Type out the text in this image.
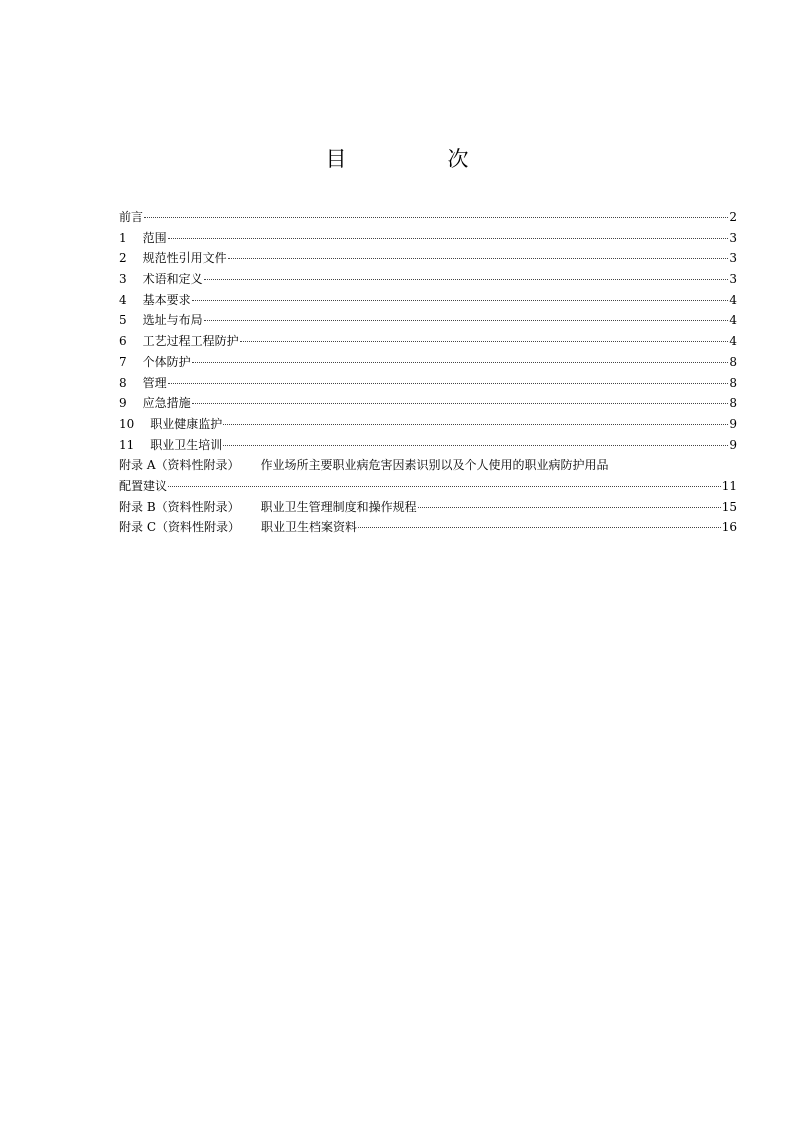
目　次
前言	2
1 范围	3
2 规范性引用文件	3
3 术语和定义	3
4 基本要求	4
5 选址与布局	4
6 工艺过程工程防护	4
7 个体防护	8
8 管理	8
9 应急措施	8
10 职业健康监护	9
11 职业卫生培训	9
附录 A（资料性附录） 作业场所主要职业病危害因素识别以及个人使用的职业病防护用品
配置建议	11
附录 B（资料性附录） 职业卫生管理制度和操作规程	15
附录 C（资料性附录） 职业卫生档案资料	16
